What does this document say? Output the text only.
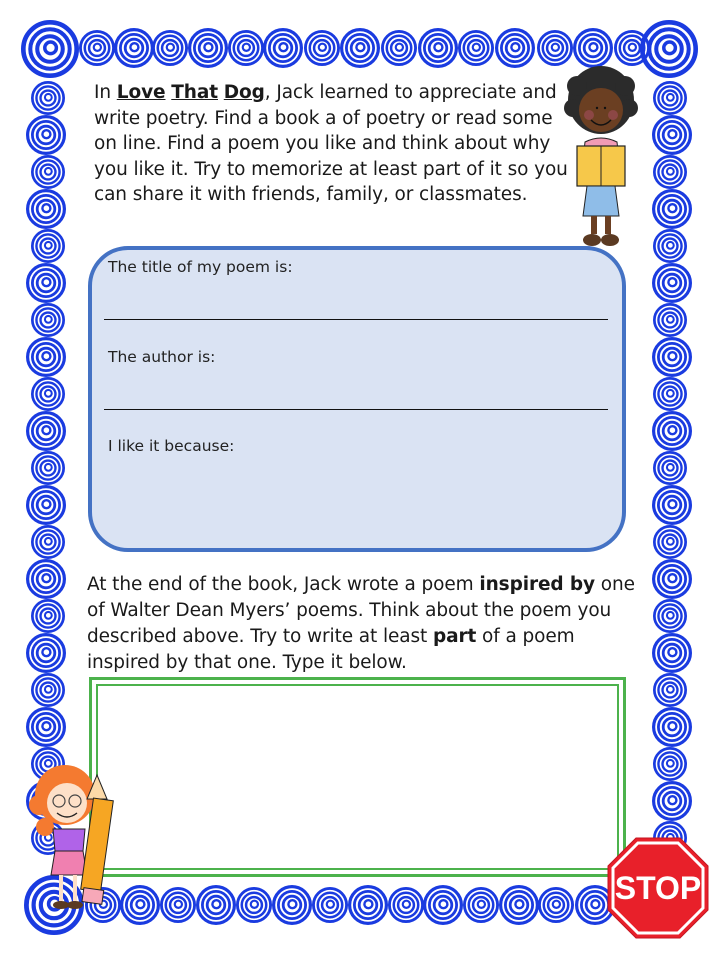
In Love That Dog, Jack learned to appreciate and write poetry. Find a book a of poetry or read some on line. Find a poem you like and think about why you like it. Try to memorize at least part of it so you can share it with friends, family, or classmates.
The title of my poem is:
The author is:
I like it because:
At the end of the book, Jack wrote a poem inspired by one of Walter Dean Myers’ poems. Think about the poem you described above. Try to write at least part of a poem inspired by that one. Type it below.
STOP
